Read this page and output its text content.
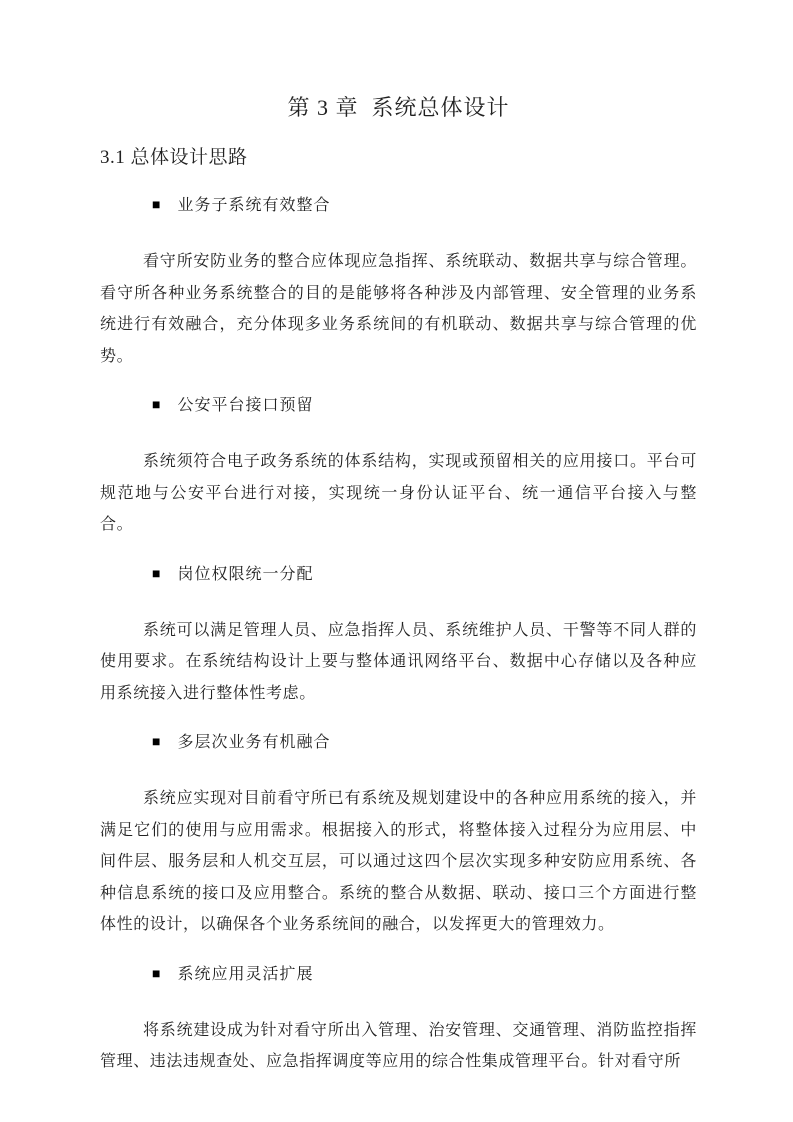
第 3 章  系统总体设计
3.1 总体设计思路
■ 业务子系统有效整合

看守所安防业务的整合应体现应急指挥、系统联动、数据共享与综合管理。看守所各种业务系统整合的目的是能够将各种涉及内部管理、安全管理的业务系统进行有效融合，充分体现多业务系统间的有机联动、数据共享与综合管理的优势。

■ 公安平台接口预留

系统须符合电子政务系统的体系结构，实现或预留相关的应用接口。平台可规范地与公安平台进行对接，实现统一身份认证平台、统一通信平台接入与整合。

■ 岗位权限统一分配

系统可以满足管理人员、应急指挥人员、系统维护人员、干警等不同人群的使用要求。在系统结构设计上要与整体通讯网络平台、数据中心存储以及各种应用系统接入进行整体性考虑。

■ 多层次业务有机融合

系统应实现对目前看守所已有系统及规划建设中的各种应用系统的接入，并满足它们的使用与应用需求。根据接入的形式，将整体接入过程分为应用层、中间件层、服务层和人机交互层，可以通过这四个层次实现多种安防应用系统、各种信息系统的接口及应用整合。系统的整合从数据、联动、接口三个方面进行整体性的设计，以确保各个业务系统间的融合，以发挥更大的管理效力。

■ 系统应用灵活扩展

将系统建设成为针对看守所出入管理、治安管理、交通管理、消防监控指挥管理、违法违规查处、应急指挥调度等应用的综合性集成管理平台。针对看守所
